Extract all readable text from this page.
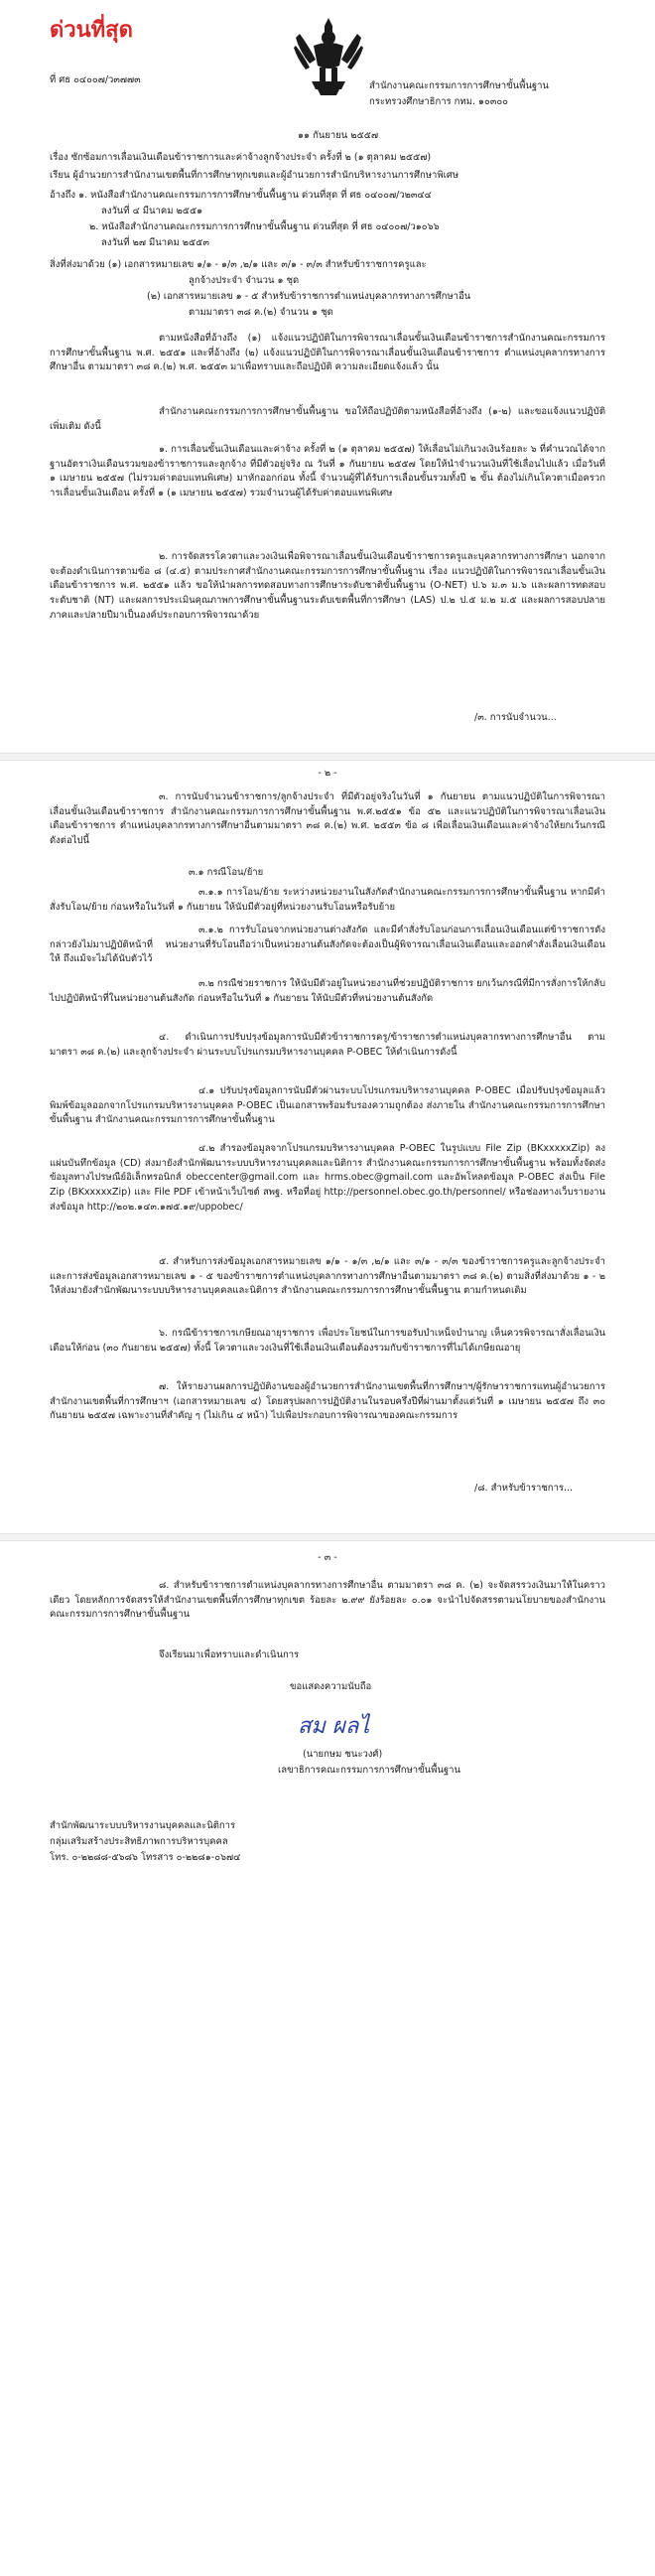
ด่วนที่สุด
ที่ ศธ ๐๔๐๐๗/ว๓๗๗๓
สำนักงานคณะกรรมการการศึกษาขั้นพื้นฐาน
กระทรวงศึกษาธิการ กทม. ๑๐๓๐๐
๑๑ กันยายน ๒๕๕๗
เรื่อง ซักซ้อมการเลื่อนเงินเดือนข้าราชการและค่าจ้างลูกจ้างประจำ ครั้งที่ ๒ (๑ ตุลาคม ๒๕๕๗)
เรียน ผู้อำนวยการสำนักงานเขตพื้นที่การศึกษาทุกเขตและผู้อำนวยการสำนักบริหารงานการศึกษาพิเศษ
อ้างถึง ๑. หนังสือสำนักงานคณะกรรมการการศึกษาขั้นพื้นฐาน ด่วนที่สุด ที่ ศธ ๐๔๐๐๗/ว๒๓๔๔
ลงวันที่ ๔ มีนาคม ๒๕๕๑
๒. หนังสือสำนักงานคณะกรรมการการศึกษาขั้นพื้นฐาน ด่วนที่สุด ที่ ศธ ๐๔๐๐๗/ว๑๐๖๖
ลงวันที่ ๒๗ มีนาคม ๒๕๕๓
สิ่งที่ส่งมาด้วย (๑) เอกสารหมายเลข ๑/๑ - ๑/๓ ,๒/๑ และ ๓/๑ - ๓/๓ สำหรับข้าราชการครูและ
ลูกจ้างประจำ จำนวน ๑ ชุด
(๒) เอกสารหมายเลข ๑ - ๕ สำหรับข้าราชการตำแหน่งบุคลากรทางการศึกษาอื่น
ตามมาตรา ๓๘ ค.(๒) จำนวน ๑ ชุด
ตามหนังสือที่อ้างถึง (๑) แจ้งแนวปฏิบัติในการพิจารณาเลื่อนขั้นเงินเดือนข้าราชการสำนักงานคณะกรรมการการศึกษาขั้นพื้นฐาน พ.ศ. ๒๕๕๑ และที่อ้างถึง (๒) แจ้งแนวปฏิบัติในการพิจารณาเลื่อนขั้นเงินเดือนข้าราชการ ตำแหน่งบุคลากรทางการศึกษาอื่น ตามมาตรา ๓๘ ค.(๒) พ.ศ. ๒๕๕๓ มาเพื่อทราบและถือปฏิบัติ ความละเอียดแจ้งแล้ว นั้น
สำนักงานคณะกรรมการการศึกษาขั้นพื้นฐาน ขอให้ถือปฏิบัติตามหนังสือที่อ้างถึง (๑-๒) และขอแจ้งแนวปฏิบัติเพิ่มเติม ดังนี้
๑. การเลื่อนขั้นเงินเดือนและค่าจ้าง ครั้งที่ ๒ (๑ ตุลาคม ๒๕๕๗) ให้เลื่อนไม่เกินวงเงินร้อยละ ๖ ที่คำนวณได้จากฐานอัตราเงินเดือนรวมของข้าราชการและลูกจ้าง ที่มีตัวอยู่จริง ณ วันที่ ๑ กันยายน ๒๕๕๗ โดยให้นำจำนวนเงินที่ใช้เลื่อนไปแล้ว เมื่อวันที่ ๑ เมษายน ๒๕๕๗ (ไม่รวมค่าตอบแทนพิเศษ) มาหักออกก่อน ทั้งนี้ จำนวนผู้ที่ได้รับการเลื่อนขั้นรวมทั้งปี ๒ ขั้น ต้องไม่เกินโควตาเมื่อครวการเลื่อนขั้นเงินเดือน ครั้งที่ ๑ (๑ เมษายน ๒๕๕๗) รวมจำนวนผู้ได้รับค่าตอบแทนพิเศษ
๒. การจัดสรรโควตาและวงเงินเพื่อพิจารณาเลื่อนขั้นเงินเดือนข้าราชการครูและบุคลากรทางการศึกษา นอกจากจะต้องดำเนินการตามข้อ ๘ (๔.๕) ตามประกาศสำนักงานคณะกรรมการการศึกษาขั้นพื้นฐาน เรื่อง แนวปฏิบัติในการพิจารณาเลื่อนขั้นเงินเดือนข้าราชการ พ.ศ. ๒๕๕๑ แล้ว ขอให้นำผลการทดสอบทางการศึกษาระดับชาติขั้นพื้นฐาน (O-NET) ป.๖ ม.๓ ม.๖ และผลการทดสอบระดับชาติ (NT) และผลการประเมินคุณภาพการศึกษาขั้นพื้นฐานระดับเขตพื้นที่การศึกษา (LAS) ป.๒ ป.๕ ม.๒ ม.๕ และผลการสอบปลายภาคและปลายปีมาเป็นองค์ประกอบการพิจารณาด้วย
/๓. การนับจำนวน...
- ๒ -
๓. การนับจำนวนข้าราชการ/ลูกจ้างประจำ ที่มีตัวอยู่จริงในวันที่ ๑ กันยายน ตามแนวปฏิบัติในการพิจารณาเลื่อนขั้นเงินเดือนข้าราชการ สำนักงานคณะกรรมการการศึกษาขั้นพื้นฐาน พ.ศ.๒๕๕๑ ข้อ ๕๒ และแนวปฏิบัติในการพิจารณาเลื่อนเงินเดือนข้าราชการ ตำแหน่งบุคลากรทางการศึกษาอื่นตามมาตรา ๓๘ ค.(๒) พ.ศ. ๒๕๕๓ ข้อ ๘ เพื่อเลื่อนเงินเดือนและค่าจ้างให้ยกเว้นกรณี ดังต่อไปนี้
๓.๑ กรณีโอน/ย้าย
๓.๑.๑ การโอน/ย้าย ระหว่างหน่วยงานในสังกัดสำนักงานคณะกรรมการการศึกษาขั้นพื้นฐาน หากมีคำสั่งรับโอน/ย้าย ก่อนหรือในวันที่ ๑ กันยายน ให้นับมีตัวอยู่ที่หน่วยงานรับโอนหรือรับย้าย
๓.๑.๒ การรับโอนจากหน่วยงานต่างสังกัด และมีคำสั่งรับโอนก่อนการเลื่อนเงินเดือนแต่ข้าราชการดังกล่าวยังไม่มาปฏิบัติหน้าที่ หน่วยงานที่รับโอนถือว่าเป็นหน่วยงานต้นสังกัดจะต้องเป็นผู้พิจารณาเลื่อนเงินเดือนและออกคำสั่งเลื่อนเงินเดือนให้ ถึงแม้จะไม่ได้นับตัวไว้
๓.๒ กรณีช่วยราชการ ให้นับมีตัวอยู่ในหน่วยงานที่ช่วยปฏิบัติราชการ ยกเว้นกรณีที่มีการสั่งการให้กลับไปปฏิบัติหน้าที่ในหน่วยงานต้นสังกัด ก่อนหรือในวันที่ ๑ กันยายน ให้นับมีตัวที่หน่วยงานต้นสังกัด
๔. ดำเนินการปรับปรุงข้อมูลการนับมีตัวข้าราชการครู/ข้าราชการตำแหน่งบุคลากรทางการศึกษาอื่น ตามมาตรา ๓๘ ค.(๒) และลูกจ้างประจำ ผ่านระบบโปรแกรมบริหารงานบุคคล P-OBEC ให้ดำเนินการดังนี้
๔.๑ ปรับปรุงข้อมูลการนับมีตัวผ่านระบบโปรแกรมบริหารงานบุคคล P-OBEC เมื่อปรับปรุงข้อมูลแล้ว พิมพ์ข้อมูลออกจากโปรแกรมบริหารงานบุคคล P-OBEC เป็นเอกสารพร้อมรับรองความถูกต้อง ส่งภายใน สำนักงานคณะกรรมการการศึกษาขั้นพื้นฐาน สำนักงานคณะกรรมการการศึกษาขั้นพื้นฐาน
๔.๒ สำรองข้อมูลจากโปรแกรมบริหารงานบุคคล P-OBEC ในรูปแบบ File Zip (BKxxxxxZip) ลงแผ่นบันทึกข้อมูล (CD) ส่งมายังสำนักพัฒนาระบบบริหารงานบุคคลและนิติการ สำนักงานคณะกรรมการการศึกษาขั้นพื้นฐาน พร้อมทั้งจัดส่งข้อมูลทางไปรษณีย์อิเล็กทรอนิกส์ obeccenter@gmail.com และ hrms.obec@gmail.com และอัพโหลดข้อมูล P-OBEC ส่งเป็น File Zip (BKxxxxxZip) และ File PDF เข้าหน้าเว็บไซต์ สพฐ. หรือที่อยู่ http://personnel.obec.go.th/personnel/ หรือช่องทางเว็บรายงานส่งข้อมูล http://๒๐๒.๑๔๓.๑๗๕.๑๙/uppobec/
๕. สำหรับการส่งข้อมูลเอกสารหมายเลข ๑/๑ - ๑/๓ ,๒/๑ และ ๓/๑ - ๓/๓ ของข้าราชการครูและลูกจ้างประจำ และการส่งข้อมูลเอกสารหมายเลข ๑ - ๕ ของข้าราชการตำแหน่งบุคลากรทางการศึกษาอื่นตามมาตรา ๓๘ ค.(๒) ตามสิ่งที่ส่งมาด้วย ๑ - ๒ ให้ส่งมายังสำนักพัฒนาระบบบริหารงานบุคคลและนิติการ สำนักงานคณะกรรมการการศึกษาขั้นพื้นฐาน ตามกำหนดเดิม
๖. กรณีข้าราชการเกษียณอายุราชการ เพื่อประโยชน์ในการขอรับบำเหน็จบำนาญ เห็นควรพิจารณาสั่งเลื่อนเงินเดือนให้ก่อน (๓๐ กันยายน ๒๕๕๗) ทั้งนี้ โควตาและวงเงินที่ใช้เลื่อนเงินเดือนต้องรวมกับข้าราชการที่ไม่ได้เกษียณอายุ
๗. ให้รายงานผลการปฏิบัติงานของผู้อำนวยการสำนักงานเขตพื้นที่การศึกษาฯ/ผู้รักษาราชการแทนผู้อำนวยการสำนักงานเขตพื้นที่การศึกษาฯ (เอกสารหมายเลข ๔) โดยสรุปผลการปฏิบัติงานในรอบครึ่งปีที่ผ่านมาตั้งแต่วันที่ ๑ เมษายน ๒๕๕๗ ถึง ๓๐ กันยายน ๒๕๕๗ เฉพาะงานที่สำคัญ ๆ (ไม่เกิน ๔ หน้า) ไปเพื่อประกอบการพิจารณาของคณะกรรมการ
/๘. สำหรับข้าราชการ...
- ๓ -
๘. สำหรับข้าราชการตำแหน่งบุคลากรทางการศึกษาอื่น ตามมาตรา ๓๘ ค. (๒) จะจัดสรรวงเงินมาให้ในคราวเดียว โดยหลักการจัดสรรให้สำนักงานเขตพื้นที่การศึกษาทุกเขต ร้อยละ ๒.๙๙ ยังร้อยละ ๐.๐๑ จะนำไปจัดสรรตามนโยบายของสำนักงานคณะกรรมการการศึกษาขั้นพื้นฐาน
จึงเรียนมาเพื่อทราบและดำเนินการ
ขอแสดงความนับถือ
สม ผลไ
(นายกษม ชนะวงศ์)
เลขาธิการคณะกรรมการการศึกษาขั้นพื้นฐาน
สำนักพัฒนาระบบบริหารงานบุคคลและนิติการ
กลุ่มเสริมสร้างประสิทธิภาพการบริหารบุคคล
โทร. ๐-๒๒๘๘-๕๖๘๖ โทรสาร ๐-๒๒๘๑-๐๖๗๔
